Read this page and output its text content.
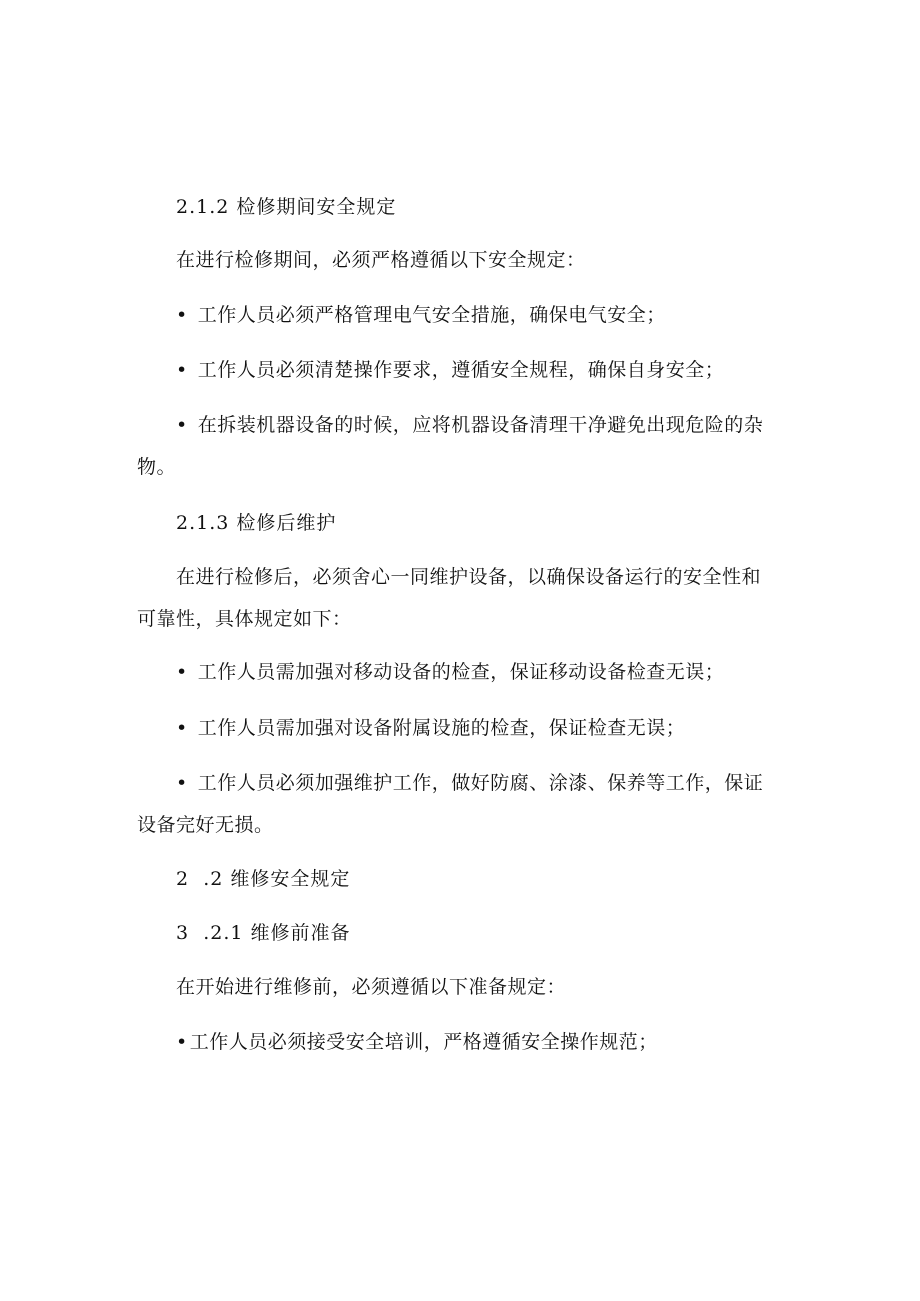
2.1.2 检修期间安全规定
在进行检修期间，必须严格遵循以下安全规定：
• 工作人员必须严格管理电气安全措施，确保电气安全；
• 工作人员必须清楚操作要求，遵循安全规程，确保自身安全；
• 在拆装机器设备的时候，应将机器设备清理干净避免出现危险的杂
物。
2.1.3 检修后维护
在进行检修后，必须舍心一同维护设备，以确保设备运行的安全性和
可靠性，具体规定如下：
• 工作人员需加强对移动设备的检查，保证移动设备检查无误；
• 工作人员需加强对设备附属设施的检查，保证检查无误；
• 工作人员必须加强维护工作，做好防腐、涂漆、保养等工作，保证
设备完好无损。
2 .2 维修安全规定
3 .2.1 维修前准备
在开始进行维修前，必须遵循以下准备规定：
• 工作人员必须接受安全培训，严格遵循安全操作规范；
